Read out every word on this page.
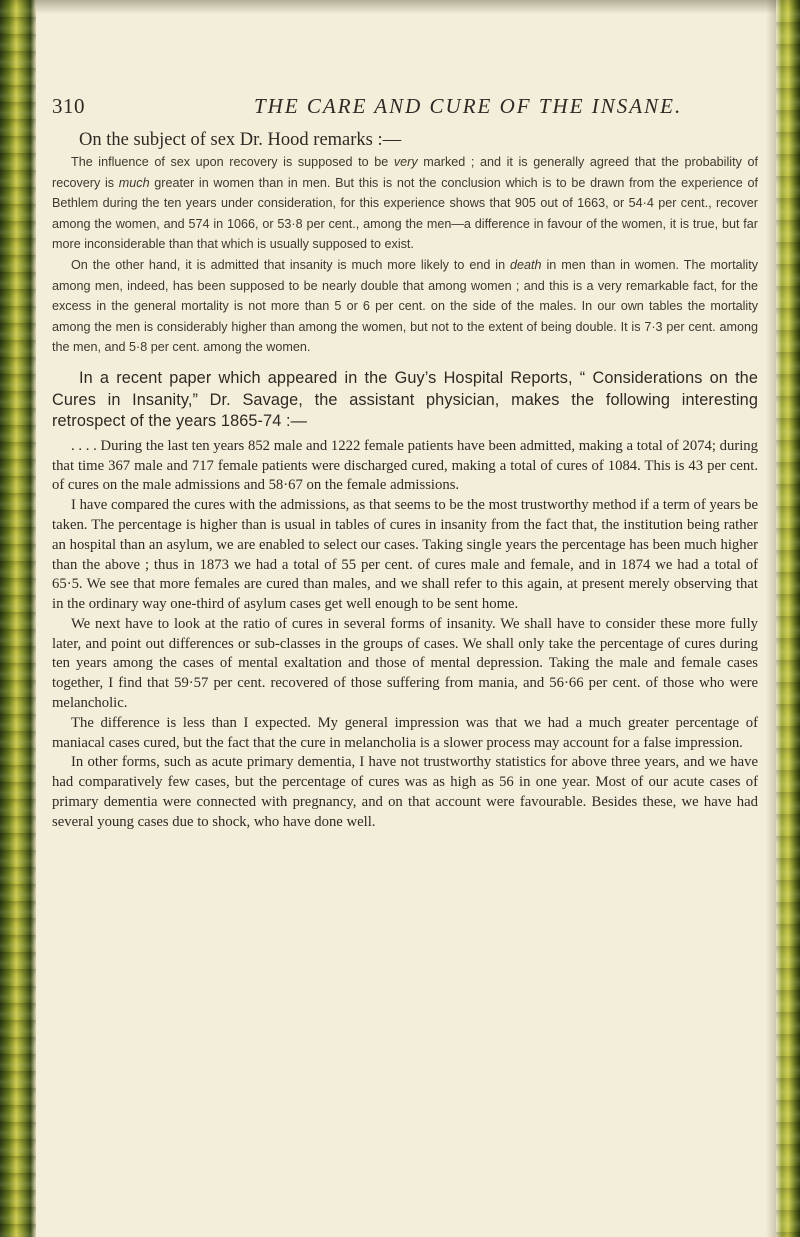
310	THE CARE AND CURE OF THE INSANE.
On the subject of sex Dr. Hood remarks :—

The influence of sex upon recovery is supposed to be very marked ; and it is generally agreed that the probability of recovery is much greater in women than in men. But this is not the conclusion which is to be drawn from the experience of Bethlem during the ten years under consideration, for this experience shows that 905 out of 1663, or 54·4 per cent., recover among the women, and 574 in 1066, or 53·8 per cent., among the men—a difference in favour of the women, it is true, but far more inconsiderable than that which is usually supposed to exist.

On the other hand, it is admitted that insanity is much more likely to end in death in men than in women. The mortality among men, indeed, has been supposed to be nearly double that among women ; and this is a very remarkable fact, for the excess in the general mortality is not more than 5 or 6 per cent. on the side of the males. In our own tables the mortality among the men is considerably higher than among the women, but not to the extent of being double. It is 7·3 per cent. among the men, and 5·8 per cent. among the women.

In a recent paper which appeared in the Guy’s Hospital Reports, “ Considerations on the Cures in Insanity,” Dr. Savage, the assistant physician, makes the following interesting retrospect of the years 1865-74 :—

. . . . During the last ten years 852 male and 1222 female patients have been admitted, making a total of 2074; during that time 367 male and 717 female patients were discharged cured, making a total of cures of 1084. This is 43 per cent. of cures on the male admissions and 58·67 on the female admissions.

I have compared the cures with the admissions, as that seems to be the most trustworthy method if a term of years be taken. The percentage is higher than is usual in tables of cures in insanity from the fact that, the institution being rather an hospital than an asylum, we are enabled to select our cases. Taking single years the percentage has been much higher than the above ; thus in 1873 we had a total of 55 per cent. of cures male and female, and in 1874 we had a total of 65·5. We see that more females are cured than males, and we shall refer to this again, at present merely observing that in the ordinary way one-third of asylum cases get well enough to be sent home.

We next have to look at the ratio of cures in several forms of insanity. We shall have to consider these more fully later, and point out differences or sub-classes in the groups of cases. We shall only take the percentage of cures during ten years among the cases of mental exaltation and those of mental depression. Taking the male and female cases together, I find that 59·57 per cent. recovered of those suffering from mania, and 56·66 per cent. of those who were melancholic.

The difference is less than I expected. My general impression was that we had a much greater percentage of maniacal cases cured, but the fact that the cure in melancholia is a slower process may account for a false impression.

In other forms, such as acute primary dementia, I have not trustworthy statistics for above three years, and we have had comparatively few cases, but the percentage of cures was as high as 56 in one year. Most of our acute cases of primary dementia were connected with pregnancy, and on that account were favourable. Besides these, we have had several young cases due to shock, who have done well.
